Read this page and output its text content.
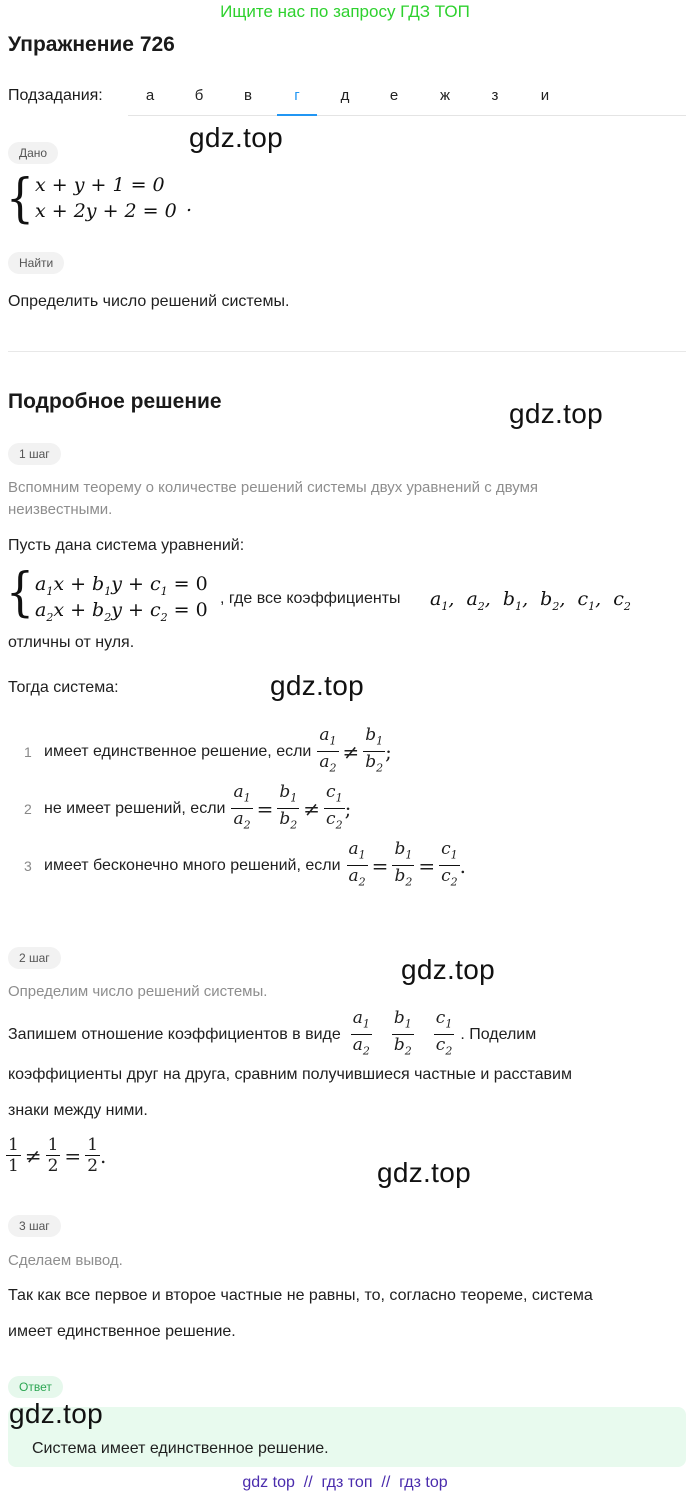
Ищите нас по запросу ГДЗ ТОП
Упражнение 726
Подзадания:	а	б	в	г	д	е	ж	з	и
gdz.top
Дано
{ x + y + 1 = 0
x + 2y + 2 = 0 .
Найти
Определить число решений системы.
Подробное решение	gdz.top
1 шаг
Вспомним теорему о количестве решений системы двух уравнений с двумя неизвестными.
Пусть дана система уравнений:
{ $a_1x + b_1y + c_1 = 0$
$a_2x + b_2y + c_2 = 0$
, где все коэффициенты $a_1$,  $a_2$,  $b_1$,  $b_2$,  $c_1$,  $c_2$
отличны от нуля.
Тогда система:	gdz.top
1 имеет единственное решение, если $\frac{a_1}{a_2} \ne \frac{b_1}{b_2}$ ;
2 не имеет решений, если $\frac{a_1}{a_2} = \frac{b_1}{b_2} \ne \frac{c_1}{c_2}$ ;
3 имеет бесконечно много решений, если $\frac{a_1}{a_2} = \frac{b_1}{b_2} = \frac{c_1}{c_2}$ .
2 шаг	gdz.top
Определим число решений системы.
Запишем отношение коэффициентов в виде $\frac{a_1}{a_2} \frac{b_1}{b_2} \frac{c_1}{c_2}$ . Поделим
коэффициенты друг на друга, сравним получившиеся частные и расставим
знаки между ними.
$\frac{1}{1} \ne \frac{1}{2} = \frac{1}{2}$ .
gdz.top
3 шаг
Сделаем вывод.
Так как все первое и второе частные не равны, то, согласно теореме, система
имеет единственное решение.
Ответ
gdz.top
Система имеет единственное решение.
gdz top  //  гдз топ  //  гдз top
